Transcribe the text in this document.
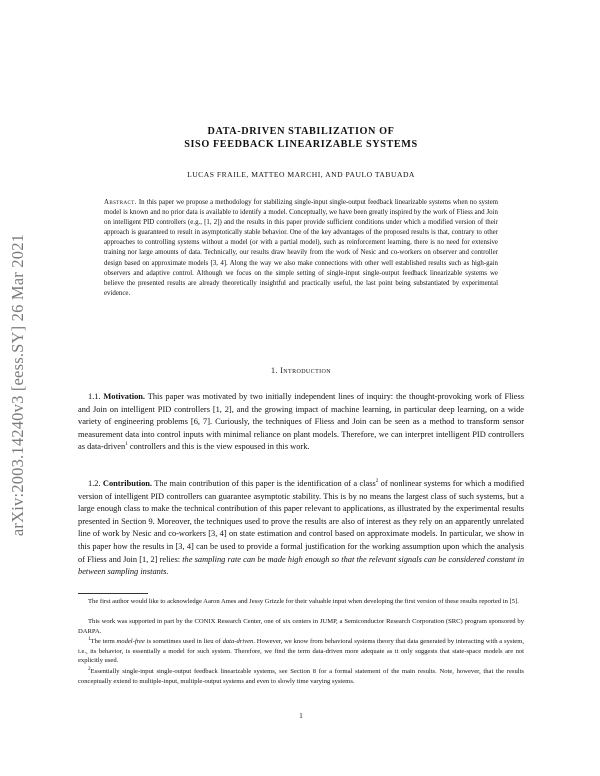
arXiv:2003.14240v3 [eess.SY] 26 Mar 2021
DATA-DRIVEN STABILIZATION OF
SISO FEEDBACK LINEARIZABLE SYSTEMS
LUCAS FRAILE, MATTEO MARCHI, AND PAULO TABUADA
Abstract. In this paper we propose a methodology for stabilizing single-input single-output feedback linearizable systems when no system model is known and no prior data is available to identify a model. Conceptually, we have been greatly inspired by the work of Fliess and Join on intelligent PID controllers (e.g., [1, 2]) and the results in this paper provide sufficient conditions under which a modified version of their approach is guaranteed to result in asymptotically stable behavior. One of the key advantages of the proposed results is that, contrary to other approaches to controlling systems without a model (or with a partial model), such as reinforcement learning, there is no need for extensive training nor large amounts of data. Technically, our results draw heavily from the work of Nesic and co-workers on observer and controller design based on approximate models [3, 4]. Along the way we also make connections with other well established results such as high-gain observers and adaptive control. Although we focus on the simple setting of single-input single-output feedback linearizable systems we believe the presented results are already theoretically insightful and practically useful, the last point being substantiated by experimental evidence.
1. Introduction
1.1. Motivation. This paper was motivated by two initially independent lines of inquiry: the thought-provoking work of Fliess and Join on intelligent PID controllers [1, 2], and the growing impact of machine learning, in particular deep learning, on a wide variety of engineering problems [6, 7]. Curiously, the techniques of Fliess and Join can be seen as a method to transform sensor measurement data into control inputs with minimal reliance on plant models. Therefore, we can interpret intelligent PID controllers as data-driven$^1$ controllers and this is the view espoused in this work.
1.2. Contribution. The main contribution of this paper is the identification of a class$^2$ of nonlinear systems for which a modified version of intelligent PID controllers can guarantee asymptotic stability. This is by no means the largest class of such systems, but a large enough class to make the technical contribution of this paper relevant to applications, as illustrated by the experimental results presented in Section 9. Moreover, the techniques used to prove the results are also of interest as they rely on an apparently unrelated line of work by Nesic and co-workers [3, 4] on state estimation and control based on approximate models. In particular, we show in this paper how the results in [3, 4] can be used to provide a formal justification for the working assumption upon which the analysis of Fliess and Join [1, 2] relies: the sampling rate can be made high enough so that the relevant signals can be considered constant in between sampling instants.
The first author would like to acknowledge Aaron Ames and Jessy Grizzle for their valuable input when developing the first version of these results reported in [5].
This work was supported in part by the CONIX Research Center, one of six centers in JUMP, a Semiconductor Research Corporation (SRC) program sponsored by DARPA.
$^1$The term model-free is sometimes used in lieu of data-driven. However, we know from behavioral systems theory that data generated by interacting with a system, i.e., its behavior, is essentially a model for such system. Therefore, we find the term data-driven more adequate as it only suggests that state-space models are not explicitly used.
$^2$Essentially single-input single-output feedback linearizable systems, see Section 8 for a formal statement of the main results. Note, however, that the results conceptually extend to multiple-input, multiple-output systems and even to slowly time varying systems.
1
